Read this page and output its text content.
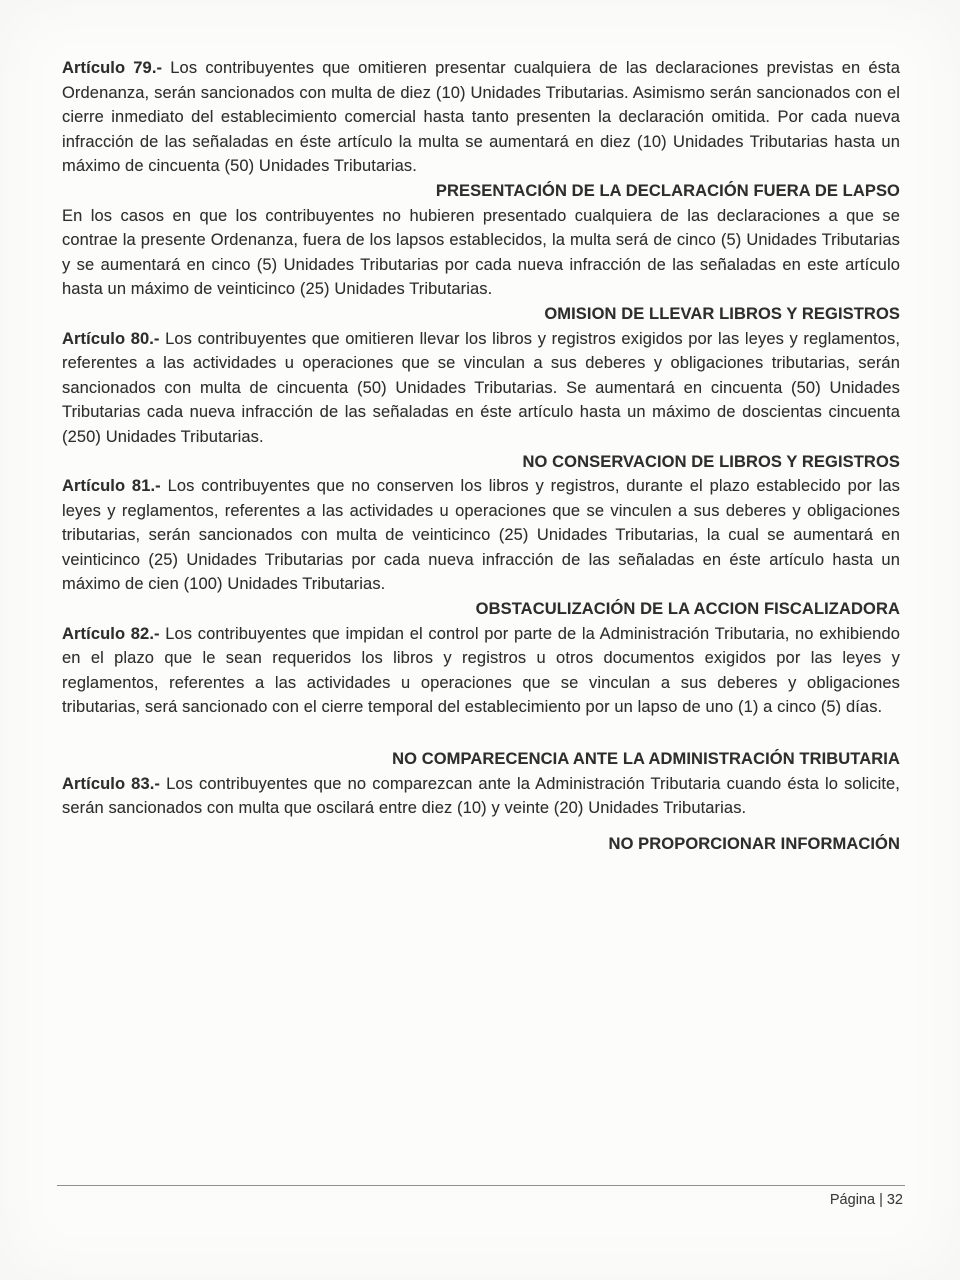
Artículo 79.- Los contribuyentes que omitieren presentar cualquiera de las declaraciones previstas en ésta Ordenanza, serán sancionados con multa de diez (10) Unidades Tributarias. Asimismo serán sancionados con el cierre inmediato del establecimiento comercial hasta tanto presenten la declaración omitida. Por cada nueva infracción de las señaladas en éste artículo la multa se aumentará en diez (10) Unidades Tributarias hasta un máximo de cincuenta (50) Unidades Tributarias.

PRESENTACIÓN DE LA DECLARACIÓN FUERA DE LAPSO

En los casos en que los contribuyentes no hubieren presentado cualquiera de las declaraciones a que se contrae la presente Ordenanza, fuera de los lapsos establecidos, la multa será de cinco (5) Unidades Tributarias y se aumentará en cinco (5) Unidades Tributarias por cada nueva infracción de las señaladas en este artículo hasta un máximo de veinticinco (25) Unidades Tributarias.

OMISION DE LLEVAR LIBROS Y REGISTROS

Artículo 80.- Los contribuyentes que omitieren llevar los libros y registros exigidos por las leyes y reglamentos, referentes a las actividades u operaciones que se vinculan a sus deberes y obligaciones tributarias, serán sancionados con multa de cincuenta (50) Unidades Tributarias. Se aumentará en cincuenta (50) Unidades Tributarias cada nueva infracción de las señaladas en éste artículo hasta un máximo de doscientas cincuenta (250) Unidades Tributarias.

NO CONSERVACION DE LIBROS Y REGISTROS

Artículo 81.- Los contribuyentes que no conserven los libros y registros, durante el plazo establecido por las leyes y reglamentos, referentes a las actividades u operaciones que se vinculen a sus deberes y obligaciones tributarias, serán sancionados con multa de veinticinco (25) Unidades Tributarias, la cual se aumentará en veinticinco (25) Unidades Tributarias por cada nueva infracción de las señaladas en éste artículo hasta un máximo de cien (100) Unidades Tributarias.

OBSTACULIZACIÓN DE LA ACCION FISCALIZADORA

Artículo 82.- Los contribuyentes que impidan el control por parte de la Administración Tributaria, no exhibiendo en el plazo que le sean requeridos los libros y registros u otros documentos exigidos por las leyes y reglamentos, referentes a las actividades u operaciones que se vinculan a sus deberes y obligaciones tributarias, será sancionado con el cierre temporal del establecimiento por un lapso de uno (1) a cinco (5) días.

NO COMPARECENCIA ANTE LA ADMINISTRACIÓN TRIBUTARIA

Artículo 83.- Los contribuyentes que no comparezcan ante la Administración Tributaria cuando ésta lo solicite, serán sancionados con multa que oscilará entre diez (10) y veinte (20) Unidades Tributarias.

NO PROPORCIONAR INFORMACIÓN
Página | 32
